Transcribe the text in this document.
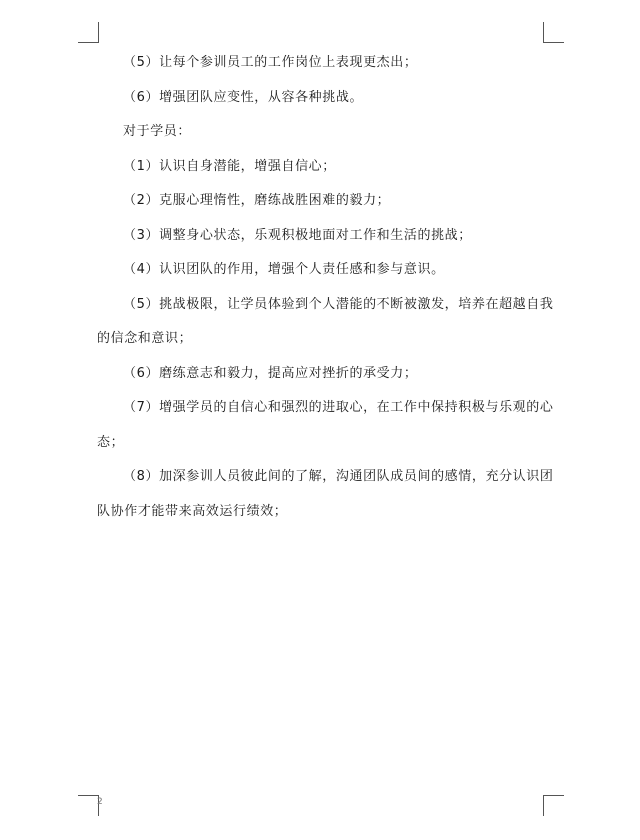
（5）让每个参训员工的工作岗位上表现更杰出；
（6）增强团队应变性，从容各种挑战。
对于学员：
（1）认识自身潜能，增强自信心；
（2）克服心理惰性，磨练战胜困难的毅力；
（3）调整身心状态，乐观积极地面对工作和生活的挑战；
（4）认识团队的作用，增强个人责任感和参与意识。
（5）挑战极限，让学员体验到个人潜能的不断被激发，培养在超越自我
的信念和意识；
（6）磨练意志和毅力，提高应对挫折的承受力；
（7）增强学员的自信心和强烈的进取心，在工作中保持积极与乐观的心
态；
（8）加深参训人员彼此间的了解，沟通团队成员间的感情，充分认识团
队协作才能带来高效运行绩效；
2
